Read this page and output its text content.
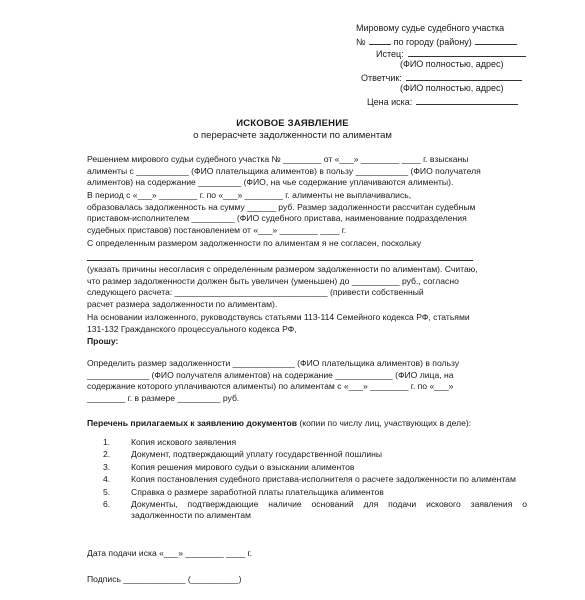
Мировому судье судебного участка
№	по городу (району)
Истец:
(ФИО полностью, адрес)
Ответчик:
(ФИО полностью, адрес)
Цена иска:
ИСКОВОЕ ЗАЯВЛЕНИЕ
о перерасчете задолженности по алиментам

Решением мирового судьи судебного участка № ________ от «___» ________ ____ г. взысканы

алименты с ___________ (ФИО плательщика алиментов) в пользу ___________ (ФИО получателя

алиментов) на содержание _________ (ФИО, на чье содержание уплачиваются алименты).

В период с «___» ________ г. по «___» ________ г. алименты не выплачивались,

образовалась задолженность на сумму ______ руб. Размер задолженности рассчитан судебным

приставом-исполнителем _________ (ФИО судебного пристава, наименование подразделения

судебных приставов) постановлением от «___» ________ ____ г.

С определенным размером задолженности по алиментам я не согласен, поскольку

(указать причины несогласия с определенным размером задолженности по алиментам). Считаю,

что размер задолженности должен быть увеличен (уменьшен) до __________ руб., согласно

следующего расчета: ________________________________ (привести собственный

расчет размера задолженности по алиментам).

На основании изложенного, руководствуясь статьями 113-114 Семейного кодекса РФ, статьями

131-132 Гражданского процессуального кодекса РФ,

Прошу:

Определить размер задолженности _____________ (ФИО плательщика алиментов) в пользу

_____________ (ФИО получателя алиментов) на содержание ____________ (ФИО лица, на

содержание которого уплачиваются алименты) по алиментам с «___» ________ г. по «___»

________ г. в размере _________ руб.

Перечень прилагаемых к заявлению документов (копии по числу лиц, участвующих в деле):
1. Копия искового заявления
2. Документ, подтверждающий уплату государственной пошлины
3. Копия решения мирового судьи о взыскании алиментов
4. Копия постановления судебного пристава-исполнителя о расчете задолженности по алиментам
5. Справка о размере заработной платы плательщика алиментов
6. Документы, подтверждающие наличие оснований для подачи искового заявления о задолженности по алиментам
Дата подачи иска «___» ________ ____ г.
Подпись _____________ (__________)
